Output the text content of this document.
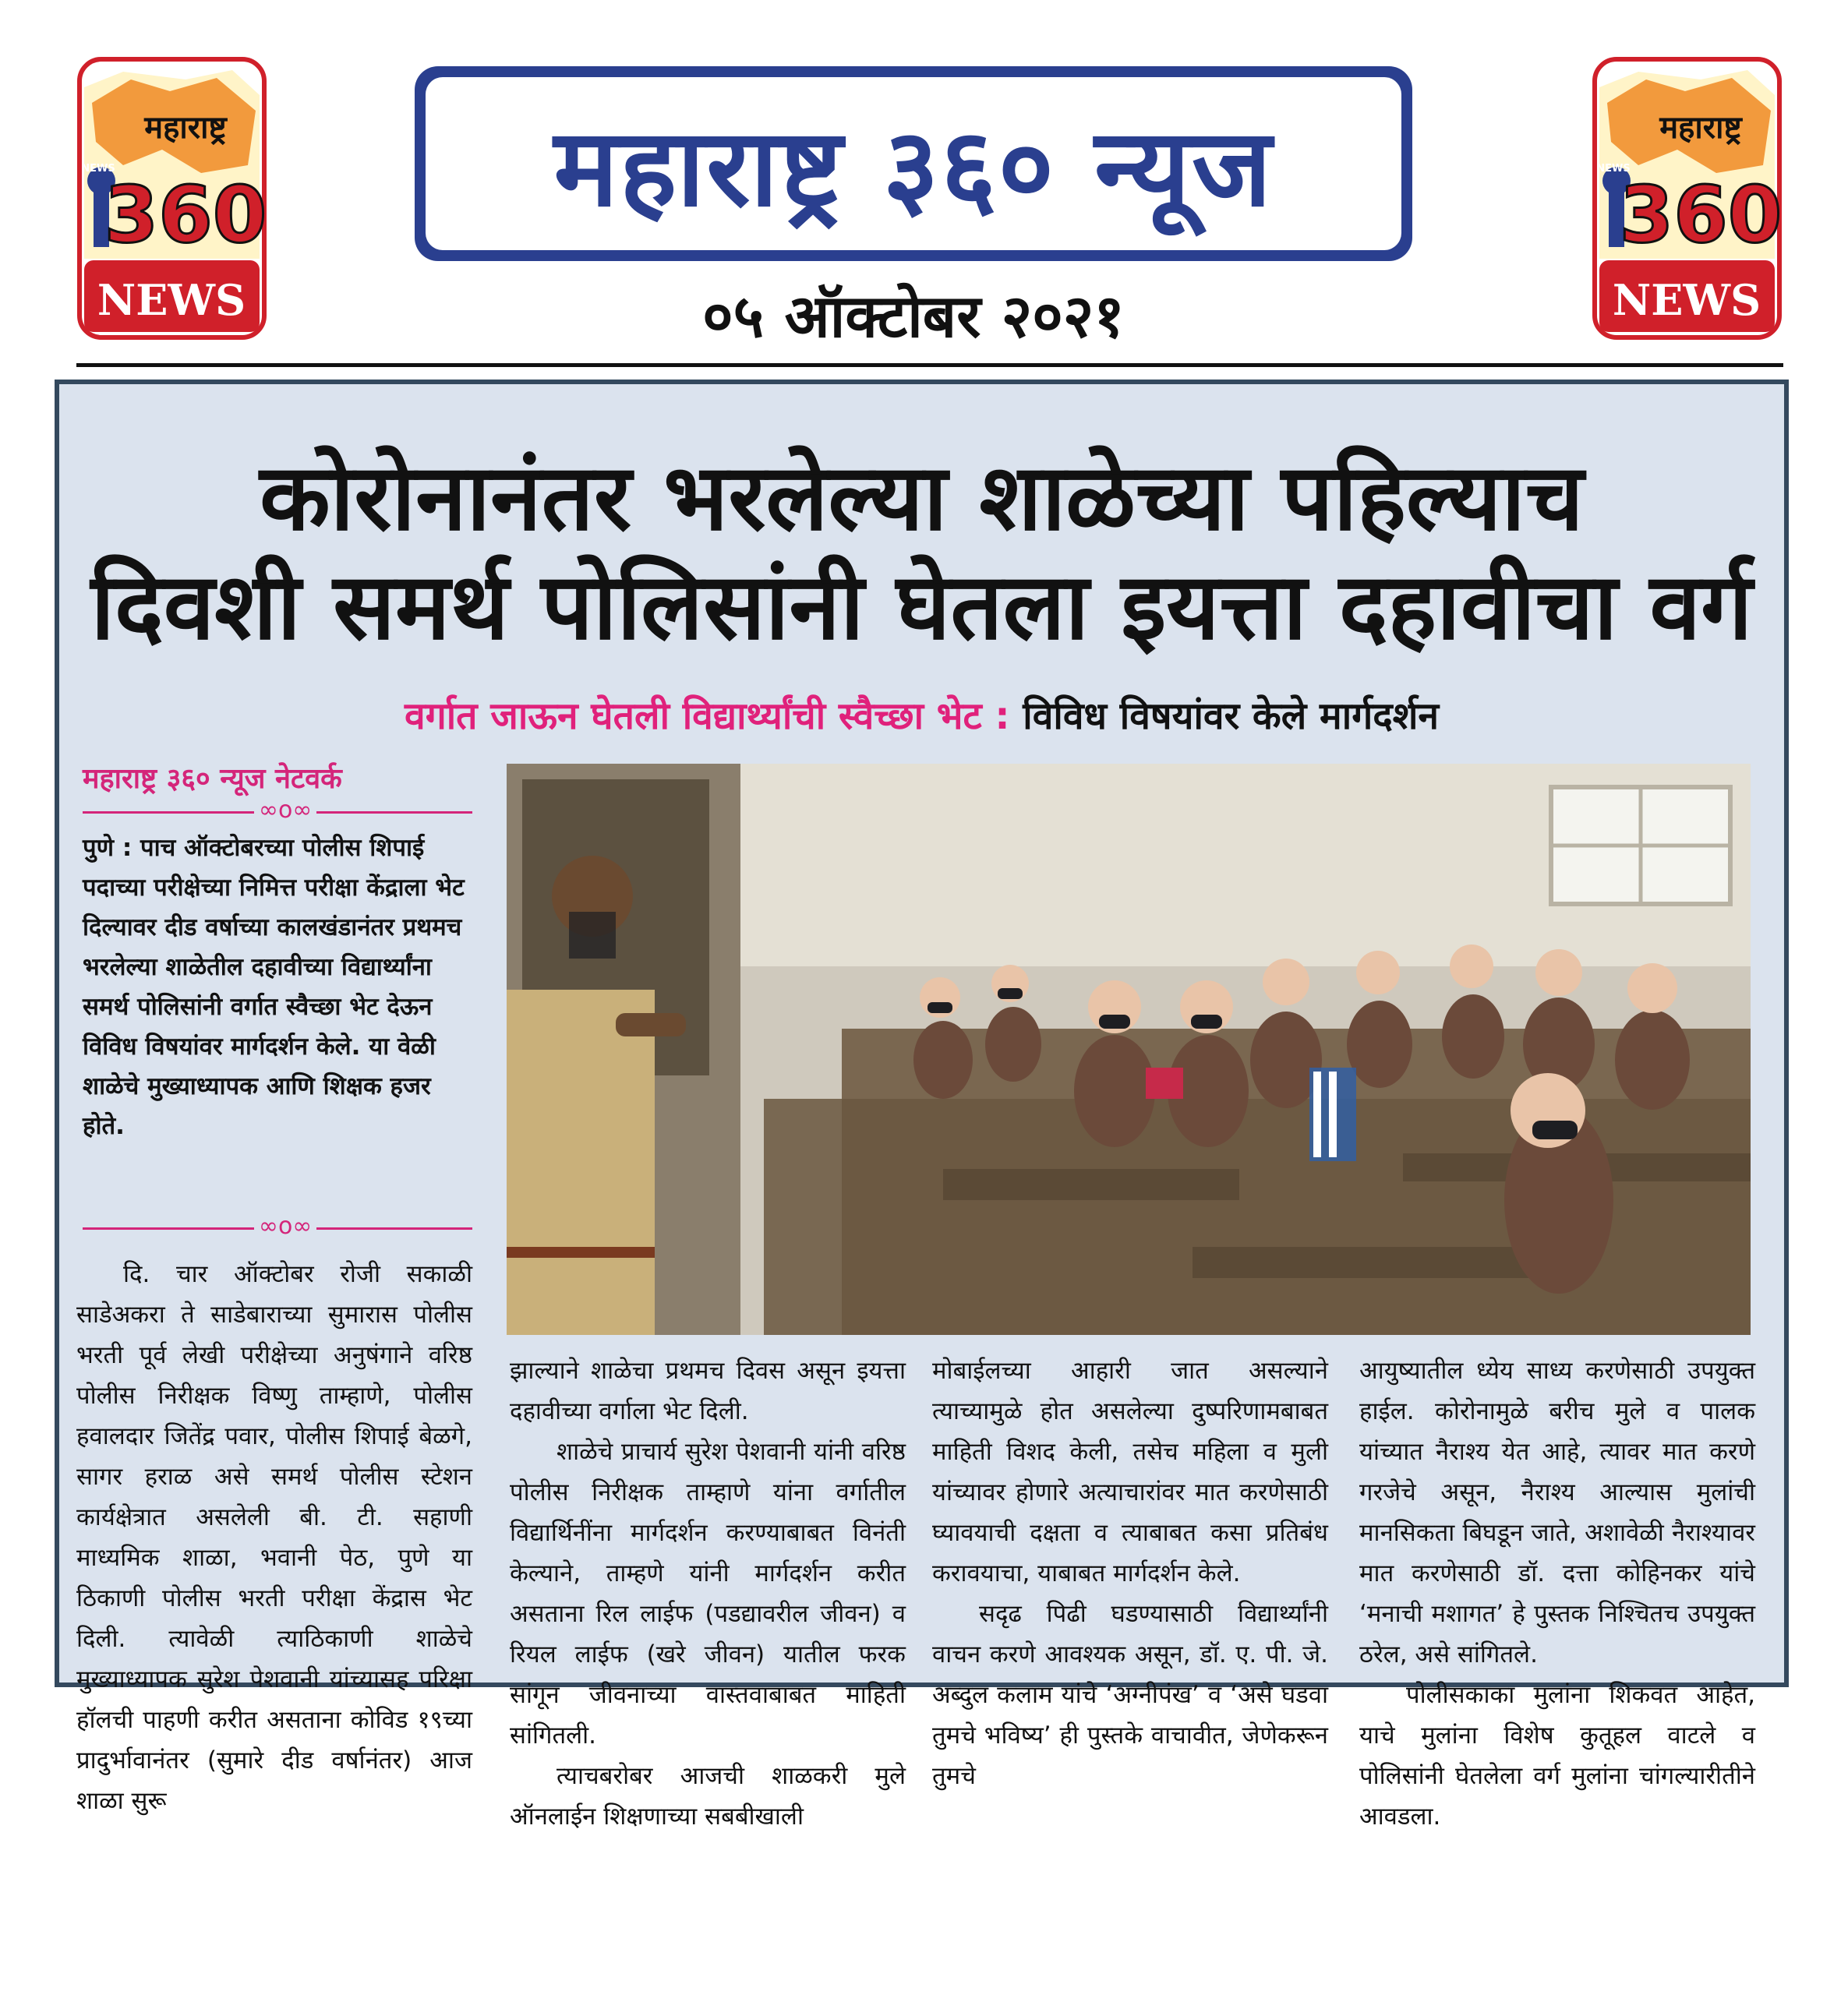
महाराष्ट्र
NEWS
360
NEWS
महाराष्ट्र
NEWS
360
NEWS
महाराष्ट्र ३६० न्यूज
०५ ऑक्टोबर २०२१
कोरोनानंतर भरलेल्या शाळेच्या पहिल्याच
दिवशी समर्थ पोलिसांनी घेतला इयत्ता दहावीचा वर्ग
वर्गात जाऊन घेतली विद्यार्थ्यांची स्वैच्छा भेट : विविध विषयांवर केले मार्गदर्शन
महाराष्ट्र ३६० न्यूज नेटवर्क
∞o∞
पुणे : पाच ऑक्टोबरच्या पोलीस शिपाई पदाच्या परीक्षेच्या निमित्त परीक्षा केंद्राला भेट दिल्यावर दीड वर्षाच्या कालखंडानंतर प्रथमच भरलेल्या शाळेतील दहावीच्या विद्यार्थ्यांना समर्थ पोलिसांनी वर्गात स्वैच्छा भेट देऊन विविध विषयांवर मार्गदर्शन केले. या वेळी शाळेचे मुख्याध्यापक आणि शिक्षक हजर होते.
∞o∞

दि. चार ऑक्टोबर रोजी सकाळी साडेअकरा ते साडेबाराच्या सुमारास पोलीस भरती पूर्व लेखी परीक्षेच्या अनुषंगाने वरिष्ठ पोलीस निरीक्षक विष्णु ताम्हाणे, पोलीस हवालदार जितेंद्र पवार, पोलीस शिपाई बेळगे, सागर हराळ असे समर्थ पोलीस स्टेशन कार्यक्षेत्रात असलेली बी. टी. सहाणी माध्यमिक शाळा, भवानी पेठ, पुणे या ठिकाणी पोलीस भरती परीक्षा केंद्रास भेट दिली. त्यावेळी त्याठिकाणी शाळेचे मुख्याध्यापक सुरेश पेशवानी यांच्यासह परिक्षा हॉलची पाहणी करीत असताना कोविड १९च्या प्रादुर्भावानंतर (सुमारे दीड वर्षानंतर) आज शाळा सुरू

झाल्याने शाळेचा प्रथमच दिवस असून इयत्ता दहावीच्या वर्गाला भेट दिली.

शाळेचे प्राचार्य सुरेश पेशवानी यांनी वरिष्ठ पोलीस निरीक्षक ताम्हाणे यांना वर्गातील विद्यार्थिनींना मार्गदर्शन करण्याबाबत विनंती केल्याने, ताम्हणे यांनी मार्गदर्शन करीत असताना रिल लाईफ (पडद्यावरील जीवन) व रियल लाईफ (खरे जीवन) यातील फरक सांगून जीवनाच्या वास्तवाबाबत माहिती सांगितली.

त्याचबरोबर आजची शाळकरी मुले ऑनलाईन शिक्षणाच्या सबबीखाली

मोबाईलच्या आहारी जात असल्याने त्याच्यामुळे होत असलेल्या दुष्परिणामबाबत माहिती विशद केली, तसेच महिला व मुली यांच्यावर होणारे अत्याचारांवर मात करणेसाठी घ्यावयाची दक्षता व त्याबाबत कसा प्रतिबंध करावयाचा, याबाबत मार्गदर्शन केले.

सदृढ पिढी घडण्यासाठी विद्यार्थ्यांनी वाचन करणे आवश्यक असून, डॉ. ए. पी. जे. अब्दुल कलाम यांचे ‘अग्नीपंख’ व ‘असे घडवा तुमचे भविष्य’ ही पुस्तके वाचावीत, जेणेकरून तुमचे

आयुष्यातील ध्येय साध्य करणेसाठी उपयुक्त हाईल. कोरोनामुळे बरीच मुले व पालक यांच्यात नैराश्य येत आहे, त्यावर मात करणे गरजेचे असून, नैराश्य आल्यास मुलांची मानसिकता बिघडून जाते, अशावेळी नैराश्यावर मात करणेसाठी डॉ. दत्ता कोहिनकर यांचे ‘मनाची मशागत’ हे पुस्तक निश्चितच उपयुक्त ठरेल, असे सांगितले.

पोलीसकाका मुलांना शिकवत आहेत, याचे मुलांना विशेष कुतूहल वाटले व पोलिसांनी घेतलेला वर्ग मुलांना चांगल्यारीतीने आवडला.
